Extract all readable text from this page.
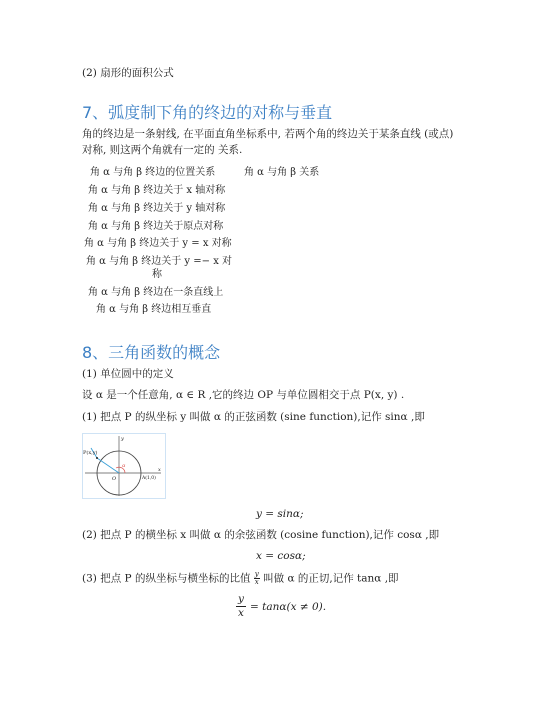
(2) 扇形的面积公式
7、弧度制下角的终边的对称与垂直
角的终边是一条射线, 在平面直角坐标系中, 若两个角的终边关于某条直线 (或点)
对称, 则这两个角就有一定的 关系.
角 α 与角 β 终边的位置关系	角 α 与角 β 关系
角 α 与角 β 终边关于 x 轴对称
角 α 与角 β 终边关于 y 轴对称
角 α 与角 β 终边关于原点对称
角 α 与角 β 终边关于 y = x 对称
角 α 与角 β 终边关于 y =− x 对
称
角 α 与角 β 终边在一条直线上
角 α 与角 β 终边相互垂直
8、三角函数的概念
(1) 单位圆中的定义
设 α 是一个任意角, α ∈ R ,它的终边 OP 与单位圆相交于点 P(x, y) .
(1) 把点 P 的纵坐标 y 叫做 α 的正弦函数 (sine function),记作 sinα ,即
P(x,y)
O	A(1,0)
α
x
y
y = sinα;
(2) 把点 P 的横坐标 x 叫做 α 的余弦函数 (cosine function),记作 cosα ,即
x = cosα;
(3) 把点 P 的纵坐标与横坐标的比值 $\frac{y}{x}$ 叫做 α 的正切,记作 tanα ,即
$\frac{y}{x} = \tan\alpha(x \ne 0)$.
